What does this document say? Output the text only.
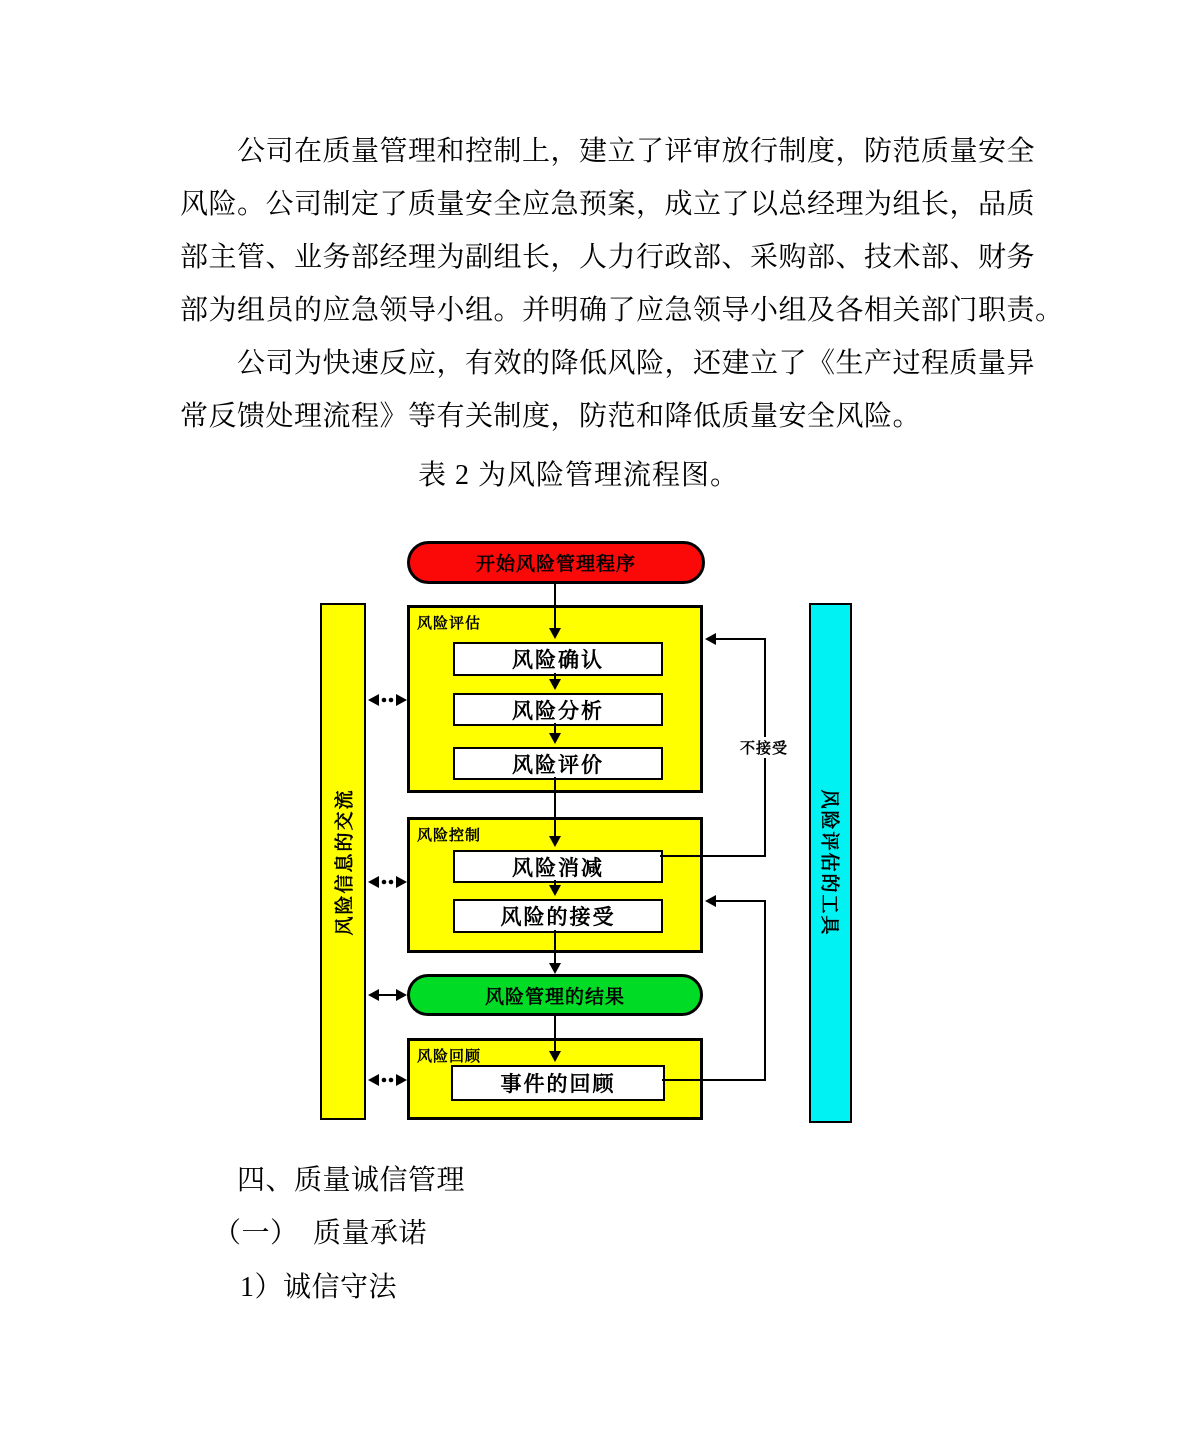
公司在质量管理和控制上，建立了评审放行制度，防范质量安全
风险。公司制定了质量安全应急预案，成立了以总经理为组长，品质
部主管、业务部经理为副组长，人力行政部、采购部、技术部、财务
部为组员的应急领导小组。并明确了应急领导小组及各相关部门职责。
公司为快速反应，有效的降低风险，还建立了《生产过程质量异
常反馈处理流程》等有关制度，防范和降低质量安全风险。
表 2 为风险管理流程图。
风险信息的交流	风险评估的工具
开始风险管理程序
风险评估
风险确认
风险分析
风险评价
风险控制
风险消减
风险的接受
风险管理的结果
风险回顾
事件的回顾
不接受
四、质量诚信管理
（一）　质量承诺
1）诚信守法
